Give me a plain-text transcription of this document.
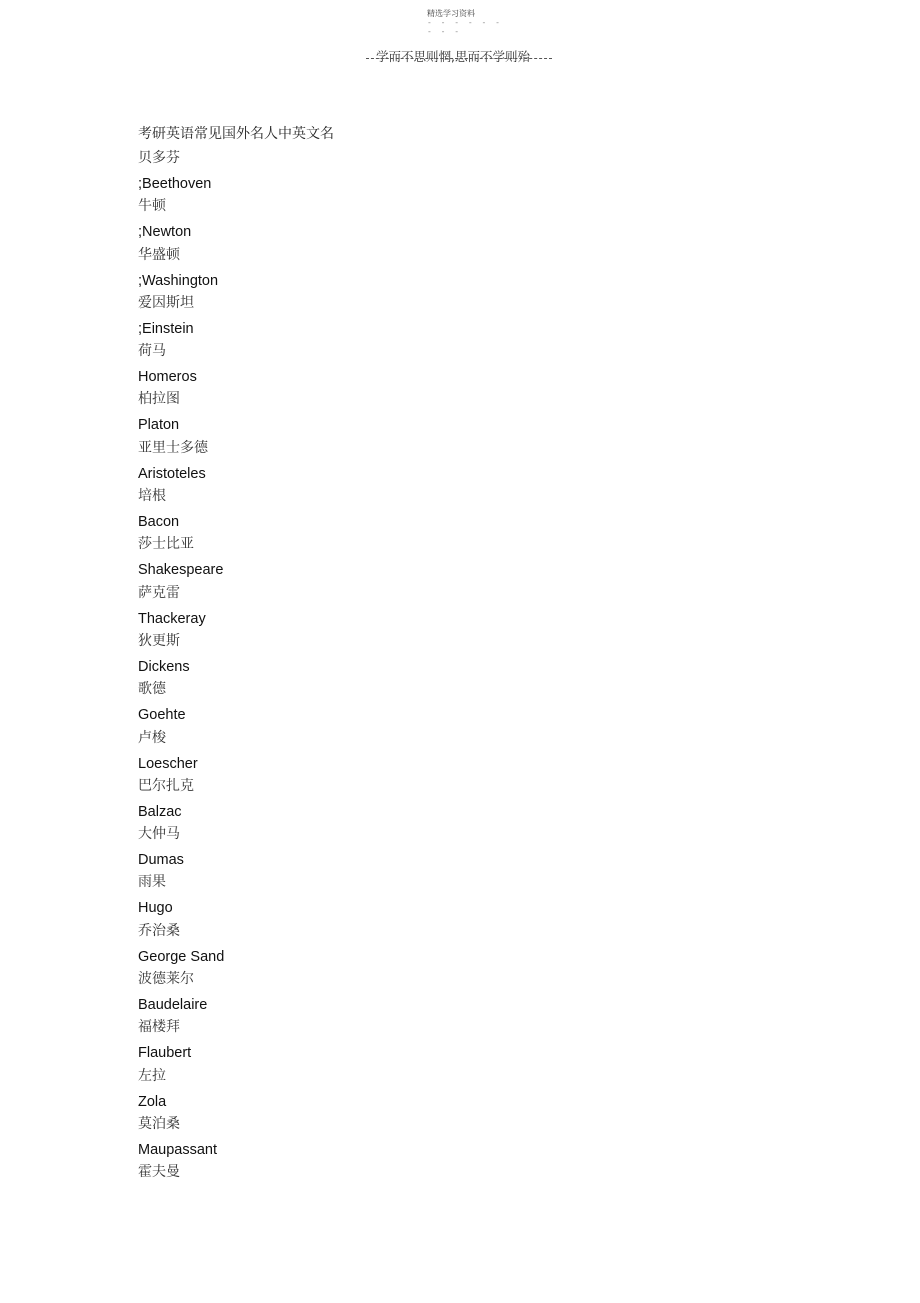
精选学习资料
- - - - - -
- - -
学而不思则惘,思而不学则殆
考研英语常见国外名人中英文名
贝多芬
;Beethoven
牛顿
;Newton
华盛顿
;Washington
爱因斯坦
;Einstein
荷马
Homeros
柏拉图
Platon
亚里士多德
Aristoteles
培根
Bacon
莎士比亚
Shakespeare
萨克雷
Thackeray
狄更斯
Dickens
歌德
Goehte
卢梭
Loescher
巴尔扎克
Balzac
大仲马
Dumas
雨果
Hugo
乔治桑
George Sand
波德莱尔
Baudelaire
福楼拜
Flaubert
左拉
Zola
莫泊桑
Maupassant
霍夫曼
